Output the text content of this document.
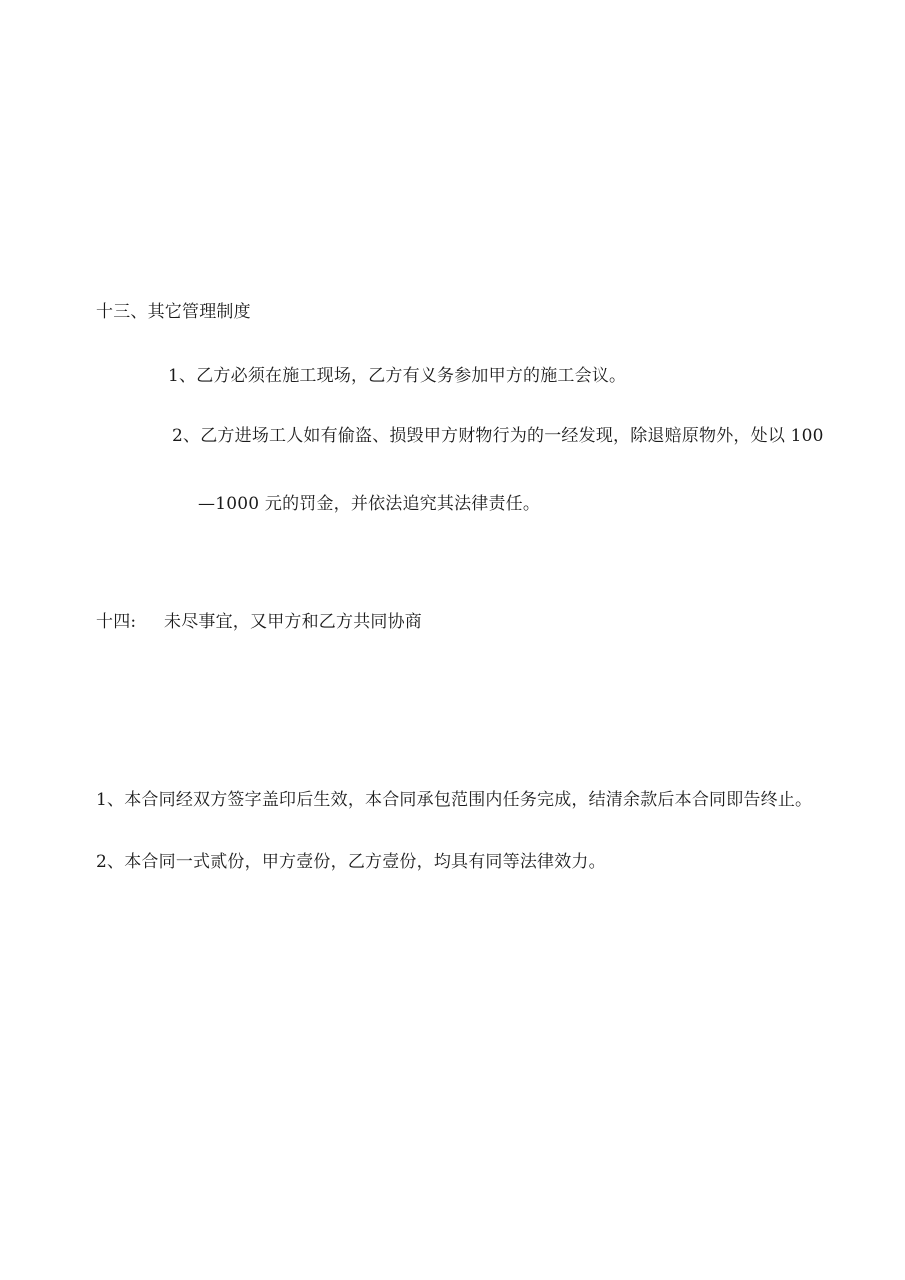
十三、其它管理制度
1、乙方必须在施工现场，乙方有义务参加甲方的施工会议。
2、乙方进场工人如有偷盗、损毁甲方财物行为的一经发现，除退赔原物外，处以 100
—1000 元的罚金，并依法追究其法律责任。
十四: 未尽事宜，又甲方和乙方共同协商
1、本合同经双方签字盖印后生效，本合同承包范围内任务完成，结清余款后本合同即告终止。
2、本合同一式贰份，甲方壹份，乙方壹份，均具有同等法律效力。
